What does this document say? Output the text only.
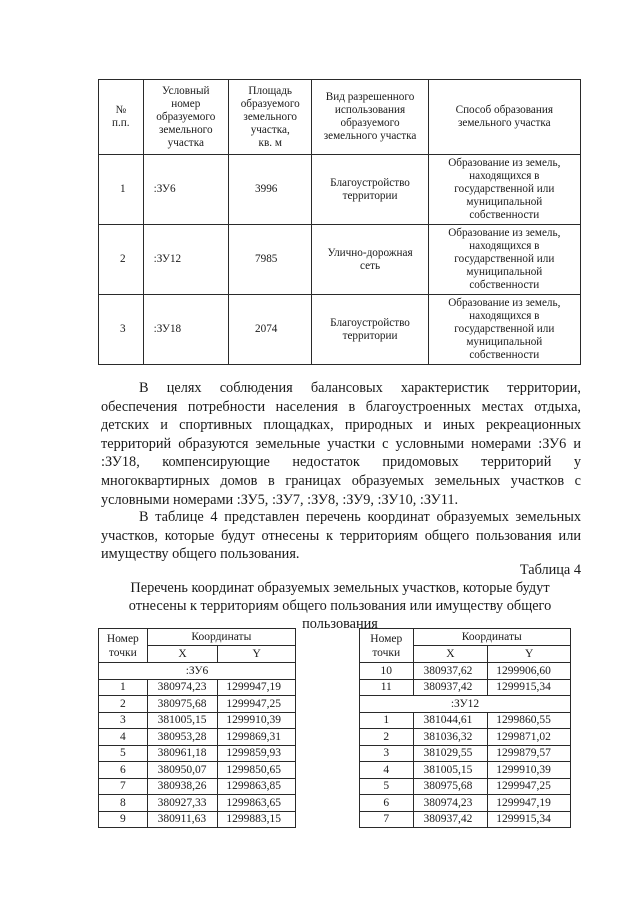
№
п.п.	Условный
номер
образуемого
земельного
участка	Площадь
образуемого
земельного
участка,
кв. м	Вид разрешенного
использования
образуемого
земельного участка	Способ образования
земельного участка
1	:ЗУ6	3996	Благоустройство
территории	Образование из земель,
находящихся в
государственной или
муниципальной
собственности
2	:ЗУ12	7985	Улично-дорожная
сеть	Образование из земель,
находящихся в
государственной или
муниципальной
собственности
3	:ЗУ18	2074	Благоустройство
территории	Образование из земель,
находящихся в
государственной или
муниципальной
собственности
В целях соблюдения балансовых характеристик территории,
обеспечения потребности населения в благоустроенных местах отдыха,
детских и спортивных площадках, природных и иных рекреационных
территорий образуются земельные участки с условными номерами :ЗУ6 и
:ЗУ18, компенсирующие недостаток придомовых территорий у
многоквартирных домов в границах образуемых земельных участков с
условными номерами :ЗУ5, :ЗУ7, :ЗУ8, :ЗУ9, :ЗУ10, :ЗУ11.
В таблице 4 представлен перечень координат образуемых земельных
участков, которые будут отнесены к территориям общего пользования или
имуществу общего пользования.
Таблица 4
Перечень координат образуемых земельных участков, которые будут отнесены к территориям общего пользования или имуществу общего пользования
Номер
точки	Координаты	
	X	Y
:ЗУ6		
1	380974,23	1299947,19
2	380975,68	1299947,25
3	381005,15	1299910,39
4	380953,28	1299869,31
5	380961,18	1299859,93
6	380950,07	1299850,65
7	380938,26	1299863,85
8	380927,33	1299863,65
9	380911,63	1299883,15
Номер
точки	Координаты	
	X	Y
10	380937,62	1299906,60
11	380937,42	1299915,34
:ЗУ12		
1	381044,61	1299860,55
2	381036,32	1299871,02
3	381029,55	1299879,57
4	381005,15	1299910,39
5	380975,68	1299947,25
6	380974,23	1299947,19
7	380937,42	1299915,34
